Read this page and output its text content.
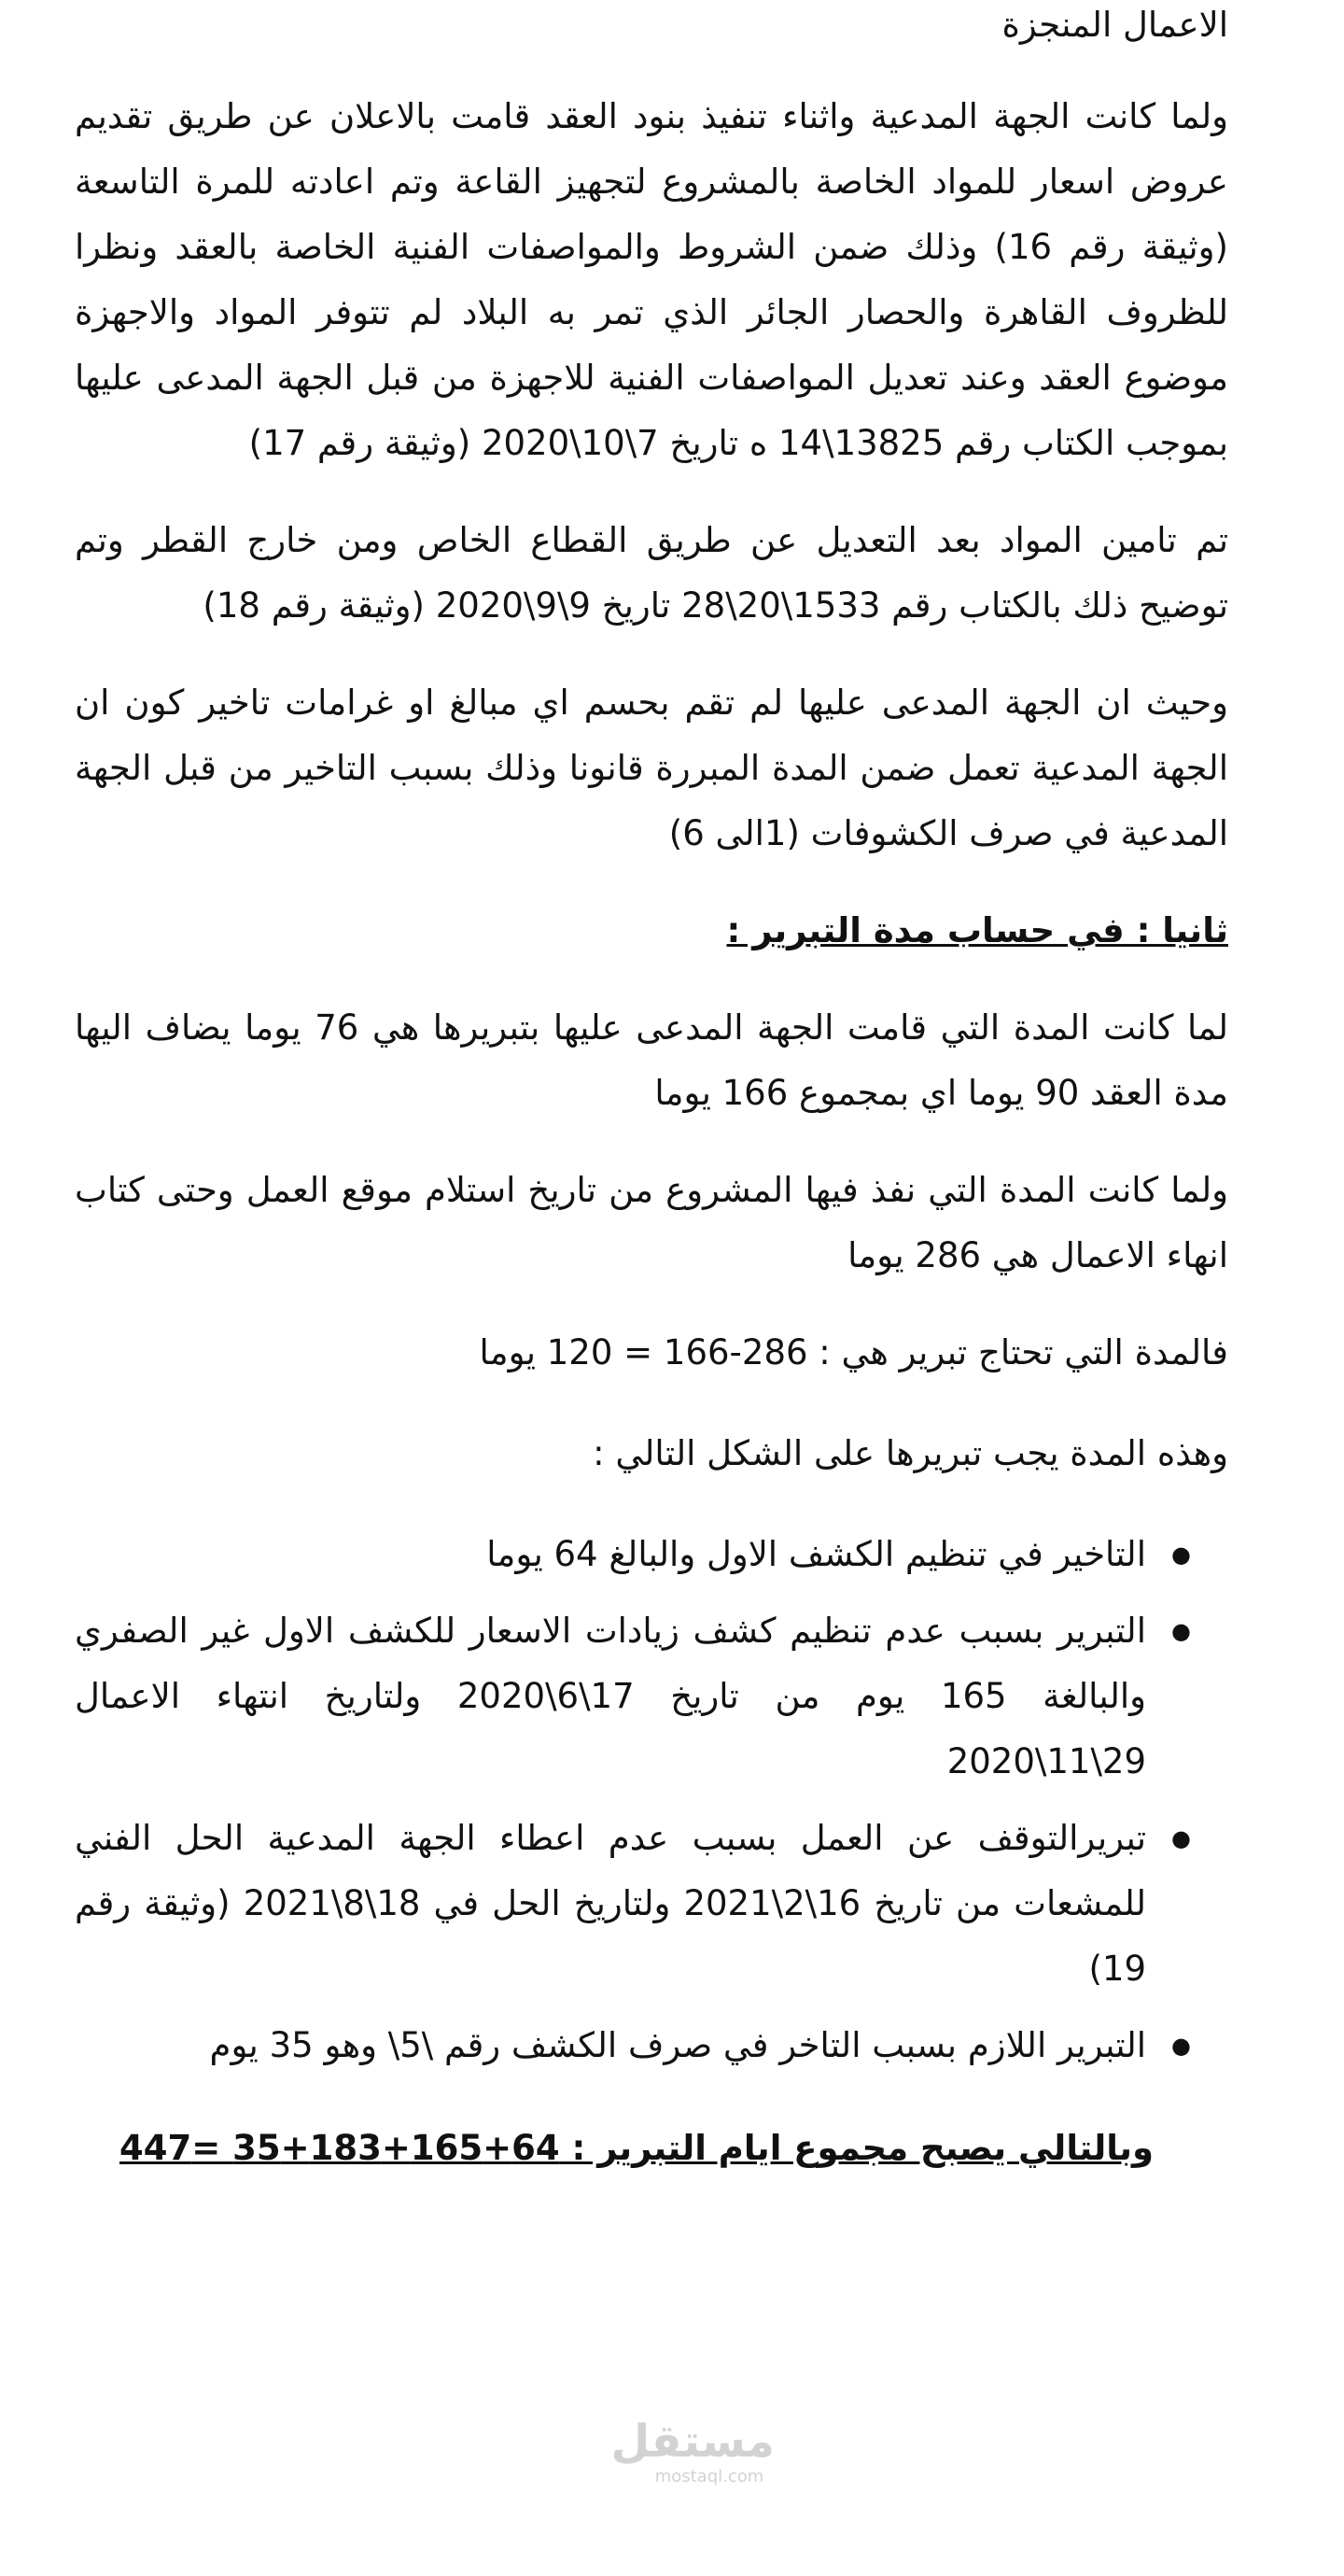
الاعمال المنجزة

ولما كانت الجهة المدعية واثناء تنفيذ بنود العقد قامت بالاعلان عن طريق تقديم عروض اسعار للمواد الخاصة بالمشروع لتجهيز القاعة وتم اعادته للمرة التاسعة (وثيقة رقم 16) وذلك ضمن الشروط والمواصفات الفنية الخاصة بالعقد ونظرا للظروف القاهرة والحصار الجائر الذي تمر به البلاد لم تتوفر المواد والاجهزة موضوع العقد وعند تعديل المواصفات الفنية للاجهزة من قبل الجهة المدعى عليها بموجب الكتاب رقم 13825\14 ه تاريخ 7\10\2020 (وثيقة رقم 17)

تم تامين المواد بعد التعديل عن طريق القطاع الخاص ومن خارج القطر وتم توضيح ذلك بالكتاب رقم 1533\20\28 تاريخ 9\9\2020 (وثيقة رقم 18)

وحيث ان الجهة المدعى عليها لم تقم بحسم اي مبالغ او غرامات تاخير كون ان الجهة المدعية تعمل ضمن المدة المبررة قانونا وذلك بسبب التاخير من قبل الجهة المدعية في صرف الكشوفات (1الى 6)

ثانيا : في حساب مدة التبرير :

لما كانت المدة التي قامت الجهة المدعى عليها بتبريرها هي 76 يوما يضاف اليها مدة العقد 90 يوما اي بمجموع 166 يوما

ولما كانت المدة التي نفذ فيها المشروع من تاريخ استلام موقع العمل وحتى كتاب انهاء الاعمال هي 286 يوما

فالمدة التي تحتاج تبرير هي : 286-166 = 120 يوما

وهذه المدة يجب تبريرها على الشكل التالي :

● التاخير في تنظيم الكشف الاول والبالغ 64 يوما
● التبرير بسبب عدم تنظيم كشف زيادات الاسعار للكشف الاول غير الصفري والبالغة 165 يوم من تاريخ 17\6\2020 ولتاريخ انتهاء الاعمال 29\11\2020
● تبريرالتوقف عن العمل بسبب عدم اعطاء الجهة المدعية الحل الفني للمشعات من تاريخ 16\2\2021 ولتاريخ الحل في 18\8\2021 (وثيقة رقم 19)
● التبرير اللازم بسبب التاخر في صرف الكشف رقم \5\ وهو 35 يوم

وبالتالي يصبح مجموع ايام التبرير : 64+165+183+35 =447

مستقل
mostaql.com
